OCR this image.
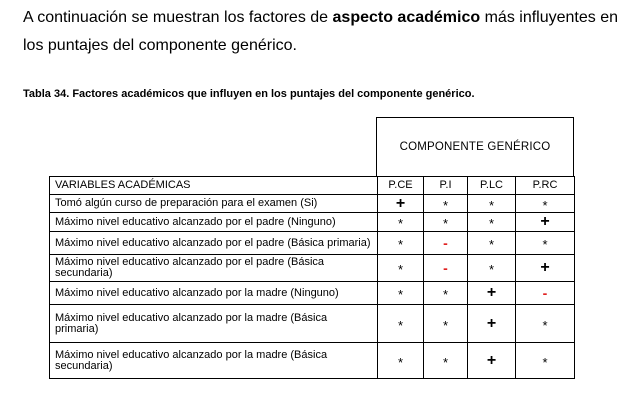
A continuación se muestran los factores de aspecto académico más influyentes en los puntajes del componente genérico.

Tabla 34. Factores académicos que influyen en los puntajes del componente genérico.

COMPONENTE GENÉRICO
VARIABLES ACADÉMICAS	P.CE	P.I	P.LC	P.RC
Tomó algún curso de preparación para el examen (Si)	+	*	*	*
Máximo nivel educativo alcanzado por el padre (Ninguno)	*	*	*	+
Máximo nivel educativo alcanzado por el padre (Básica primaria)	*	-	*	*
Máximo nivel educativo alcanzado por el padre (Básica secundaria)	*	-	*	+
Máximo nivel educativo alcanzado por la madre (Ninguno)	*	*	+	-
Máximo nivel educativo alcanzado por la madre (Básica primaria)	*	*	+	*
Máximo nivel educativo alcanzado por la madre (Básica secundaria)	*	*	+	*
